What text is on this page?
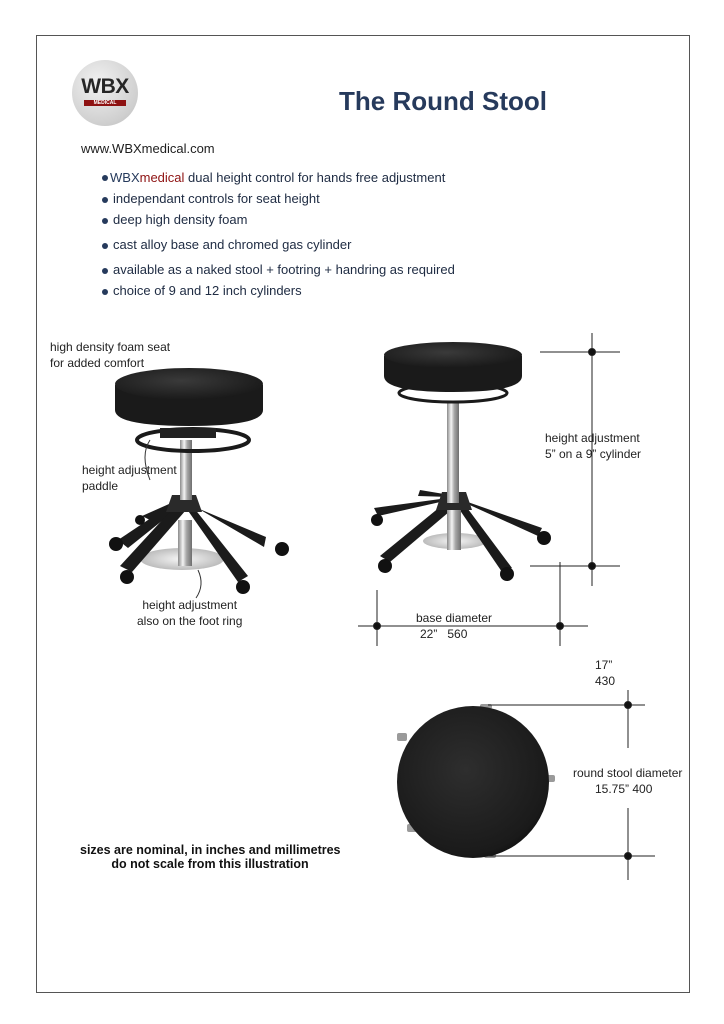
WBX
MEDICAL	The Round Stool
www.WBXmedical.com
WBXmedical dual height control for hands free adjustment
independant controls for seat height
deep high density foam
cast alloy base and chromed gas cylinder
available as a naked stool + footring + handring as required
choice of 9 and 12 inch cylinders
high density foam seat
for added comfort
height adjustment
paddle
height adjustment
also on the foot ring
height adjustment
5” on a 9” cylinder
base diameter
22”   560
17”
430
round stool diameter
15.75” 400
sizes are nominal, in inches and millimetres
do not scale from this illustration
